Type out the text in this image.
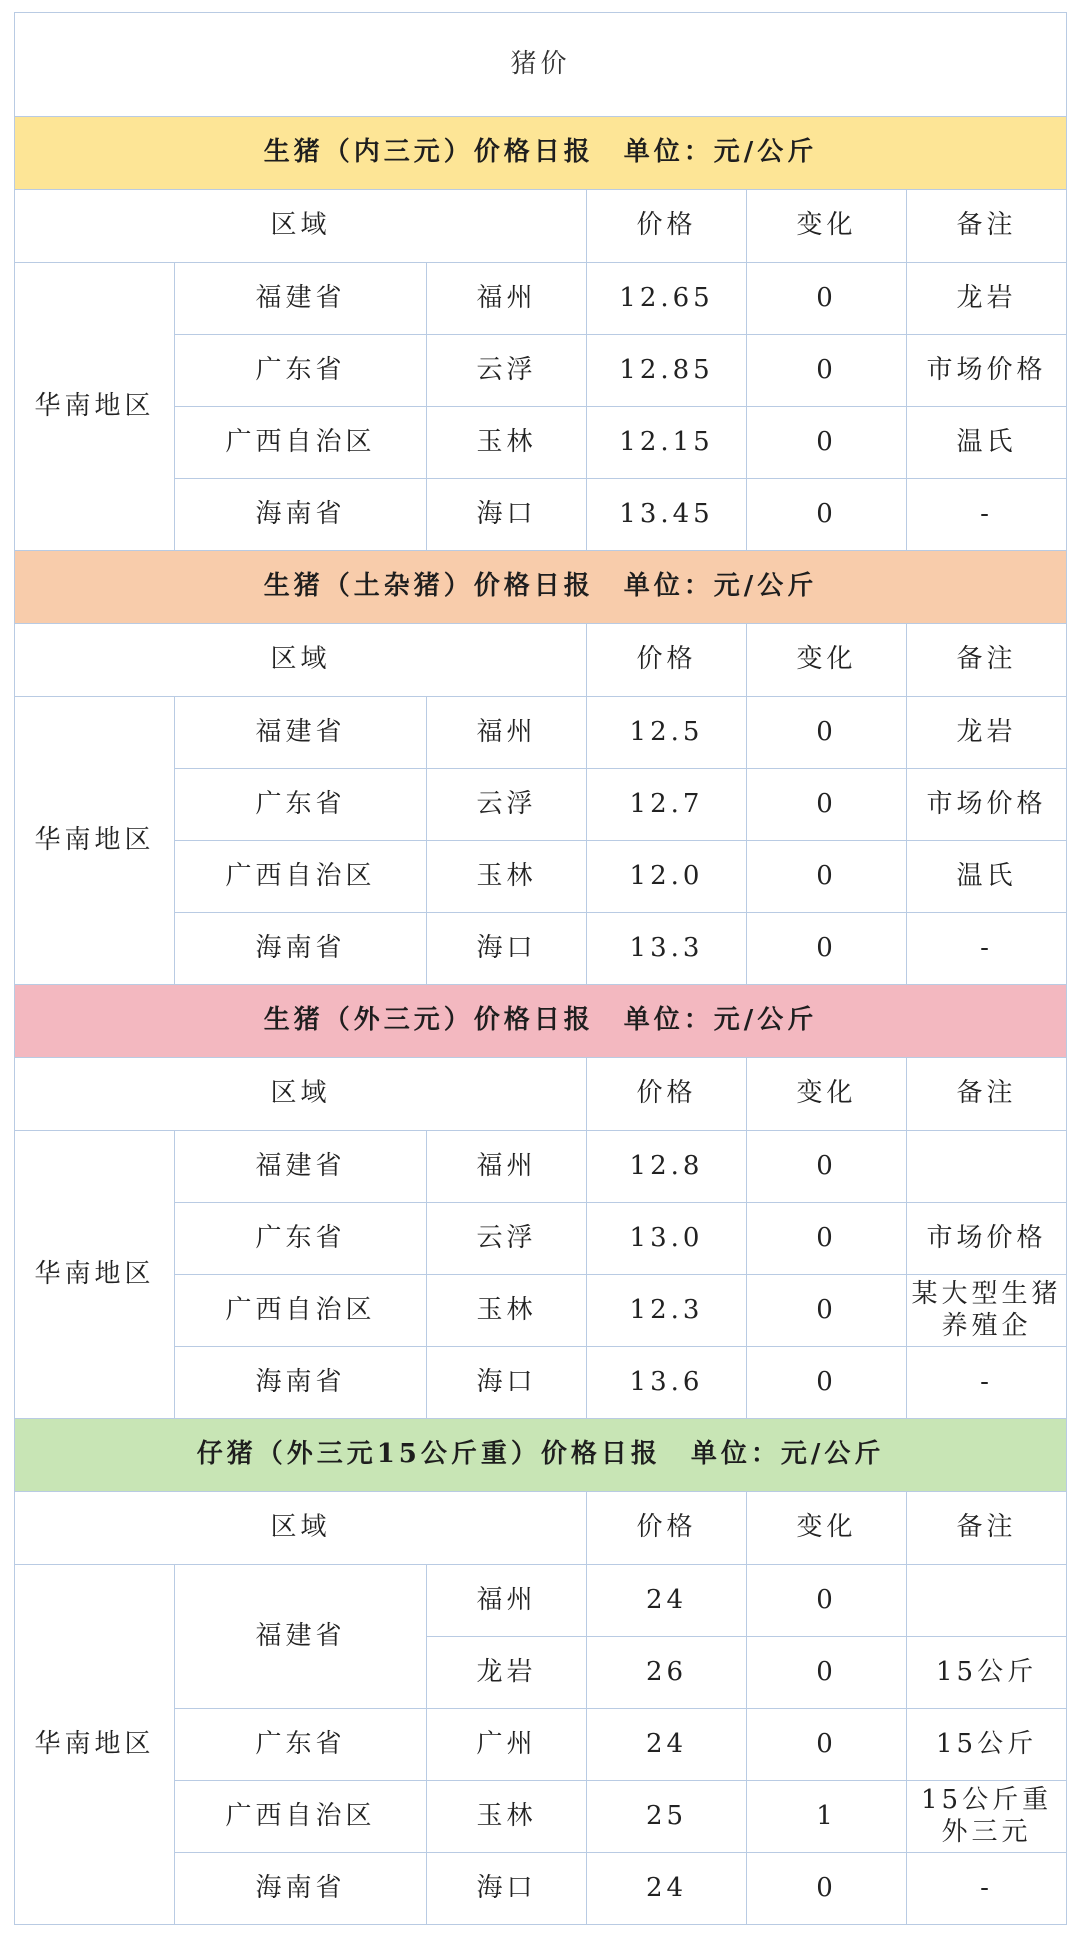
猪价					
生猪（内三元）价格日报　单位：元/公斤					
区域			价格	变化	备注
华南地区	福建省	福州	12.65	0	龙岩
	广东省	云浮	12.85	0	市场价格
	广西自治区	玉林	12.15	0	温氏
	海南省	海口	13.45	0	-
生猪（土杂猪）价格日报　单位：元/公斤					
区域			价格	变化	备注
华南地区	福建省	福州	12.5	0	龙岩
	广东省	云浮	12.7	0	市场价格
	广西自治区	玉林	12.0	0	温氏
	海南省	海口	13.3	0	-
生猪（外三元）价格日报　单位：元/公斤					
区域			价格	变化	备注
华南地区	福建省	福州	12.8	0	
	广东省	云浮	13.0	0	市场价格
	广西自治区	玉林	12.3	0	某大型生猪养殖企
	海南省	海口	13.6	0	-
仔猪（外三元15公斤重）价格日报　单位：元/公斤					
区域			价格	变化	备注
华南地区	福建省	福州	24	0	
		龙岩	26	0	15公斤
	广东省	广州	24	0	15公斤
	广西自治区	玉林	25	1	15公斤重外三元
	海南省	海口	24	0	-
